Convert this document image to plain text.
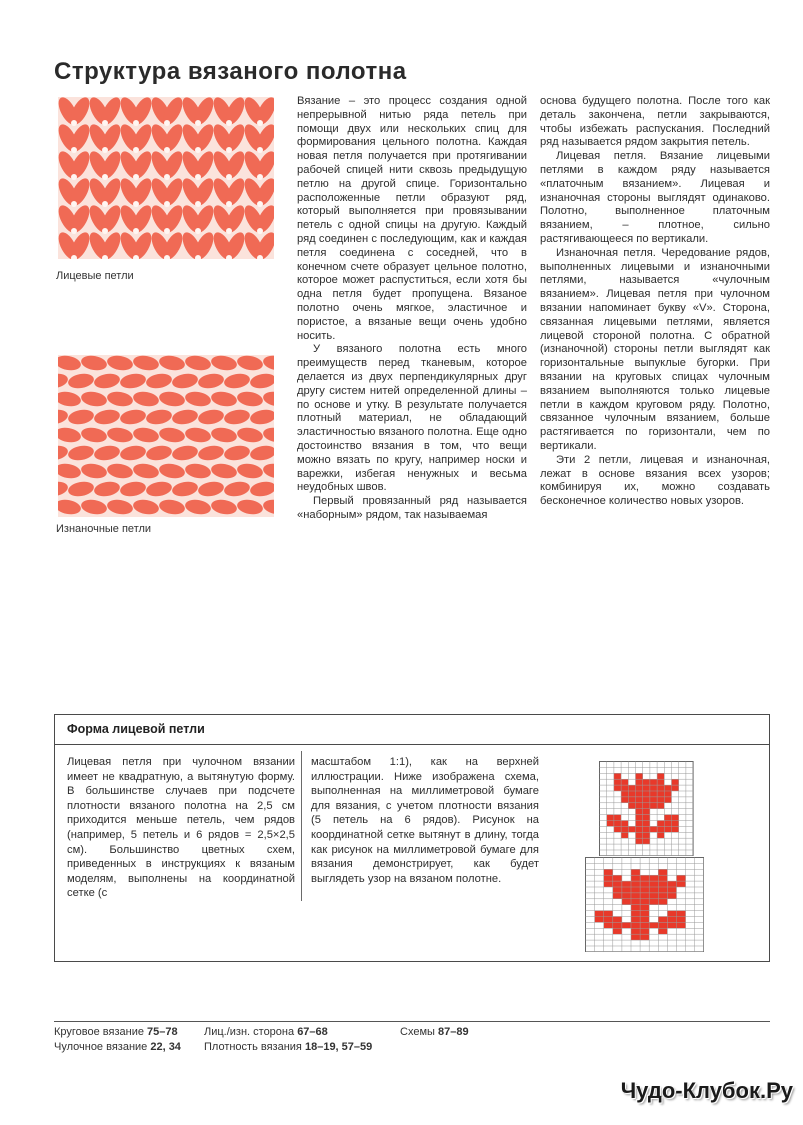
Структура вязаного полотна
Лицевые петли
Изнаночные петли

Вязание – это процесс создания одной непрерывной нитью ряда петель при помощи двух или нескольких спиц для формирования цельного полотна. Каждая новая петля получается при протягивании рабочей спицей нити сквозь предыдущую петлю на другой спице. Горизонтально расположенные петли образуют ряд, который выполняется при провязывании петель с одной спицы на другую. Каждый ряд соединен с последующим, как и каждая петля соединена с соседней, что в конечном счете образует цельное полотно, которое может распуститься, если хотя бы одна петля будет пропущена. Вязаное полотно очень мягкое, эластичное и пористое, а вязаные вещи очень удобно носить.

У вязаного полотна есть много преимуществ перед тканевым, которое делается из двух перпендикулярных друг другу систем нитей определенной длины – по основе и утку. В результате получается плотный материал, не обладающий эластичностью вязаного полотна. Еще одно достоинство вязания в том, что вещи можно вязать по кругу, например носки и варежки, избегая ненужных и весьма неудобных швов.

Первый провязанный ряд называется «наборным» рядом, так называемая

основа будущего полотна. После того как деталь закончена, петли закрываются, чтобы избежать распускания. Последний ряд называется рядом закрытия петель.

Лицевая петля. Вязание лицевыми петлями в каждом ряду называется «платочным вязанием». Лицевая и изнаночная стороны выглядят одинаково. Полотно, выполненное платочным вязанием, – плотное, сильно растягивающееся по вертикали.

Изнаночная петля. Чередование рядов, выполненных лицевыми и изнаночными петлями, называется «чулочным вязанием». Лицевая петля при чулочном вязании напоминает букву «V». Сторона, связанная лицевыми петлями, является лицевой стороной полотна. С обратной (изнаночной) стороны петли выглядят как горизонтальные выпуклые бугорки. При вязании на круговых спицах чулочным вязанием выполняются только лицевые петли в каждом круговом ряду. Полотно, связанное чулочным вязанием, больше растягивается по горизонтали, чем по вертикали.

Эти 2 петли, лицевая и изнаночная, лежат в основе вязания всех узоров; комбинируя их, можно создавать бесконечное количество новых узоров.

Форма лицевой петли
Лицевая петля при чулочном вязании имеет не квадратную, а вытянутую форму. В большинстве случаев при подсчете плотности вязаного полотна на 2,5 см приходится меньше петель, чем рядов (например, 5 петель и 6 рядов = 2,5×2,5 см). Большинство цветных схем, приведенных в инструкциях к вязаным моделям, выполнены на координатной сетке (с
масштабом 1:1), как на верхней иллюстрации. Ниже изображена схема, выполненная на миллиметровой бумаге для вязания, с учетом плотности вязания (5 петель на 6 рядов). Рисунок на координатной сетке вытянут в длину, тогда как рисунок на миллиметровой бумаге для вязания демонстрирует, как будет выглядеть узор на вязаном полотне.
Круговое вязание 75–78
Чулочное вязание 22, 34
Лиц./изн. сторона 67–68
Плотность вязания 18–19, 57–59
Схемы 87–89
Чудо-Клубок.Ру
